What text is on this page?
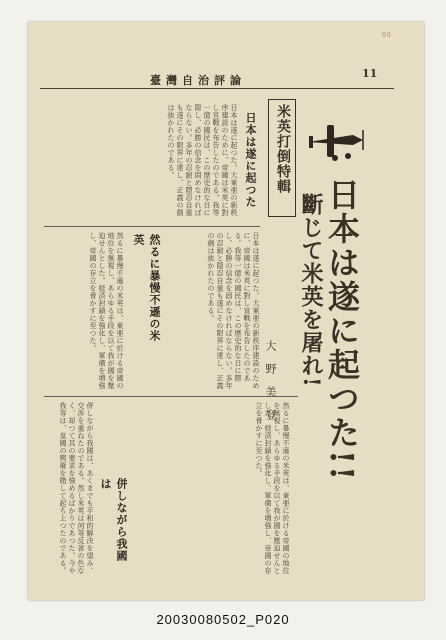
00
臺灣自治評論
11
米英打倒特輯
日本は遂に起つた!!
斷じて米英を屠れ!
大野美登
日本は遂に起つた
日本は遂に起つた。大東亜の新秩序建設のために、帝國は米英に對し宣戰を布告したのである。我等一億の國民は、この歴史的な日に際し、必勝の信念を固めなければならない。多年の忍耐と隠忍自重も遂にその限界に達し、正義の劍は抜かれたのである。
然るに暴慢不遜の米英
然るに暴慢不遜の米英は、東亜に於ける帝國の地位を無視し、あらゆる手段を以て我が國を壓迫せんとした。経済封鎖を強化し、軍備を増強し、帝國の存立を脅かすに至つた。	日本は遂に起つた。大東亜の新秩序建設のために、帝國は米英に對し宣戰を布告したのである。我等一億の國民は、この歴史的な日に際し、必勝の信念を固めなければならない。多年の忍耐と隠忍自重も遂にその限界に達し、正義の劍は抜かれたのである。
併しながら我國は	然るに暴慢不遜の米英は、東亜に於ける帝國の地位を無視し、あらゆる手段を以て我が國を壓迫せんとした。経済封鎖を強化し、軍備を増強し、帝國の存立を脅かすに至つた。
併しながら我國は、あくまでも平和的解決を望み、交渉を重ねたのである。然し米英は何等反省の色なく、却つて其の要求を強めるばかりであつた。今や我等は、皇國の興廢を賭して起ち上つたのである。
20030080502_P020
